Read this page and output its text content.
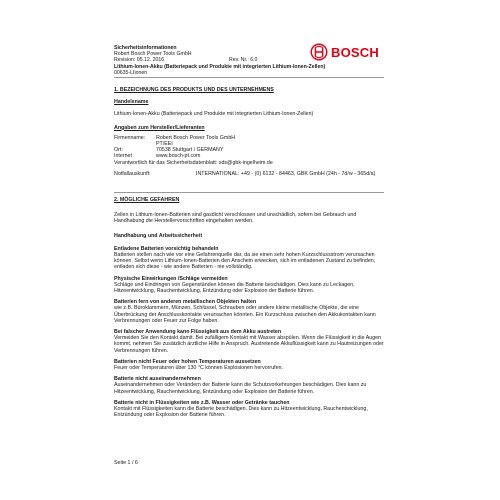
Sicherheitsinformationen
Robert Bosch Power Tools GmbH
Revision: 05.12. 2016	Rev. Nr.: 6.0
Lithium-Ionen-Akku (Batteriepack und Produkte mit integrierten Lithium-Ionen-Zellen)
00635-LIionen
BOSCH
1. BEZEICHNUNG DES PRODUKTS UND DES UNTERNEHMENS
Handelsname
Lithium-Ionen-Akku (Batteriepack und Produkte mit integrierten Lithium-Ionen-Zellen)
Angaben zum Hersteller/Lieferanten
Firmenname:	Robert Bosch Power Tools GmbH
PT/EEI
Ort:	70538 Stuttgart / GERMANY
Internet	www.bosch-pt.com
Verantwortlich für das Sicherheitsdatenblatt: sds@gbk-ingelheim.de
Notfallauskunft:	INTERNATIONAL: +49 - (0) 6132 - 84463, GBK GmbH (24h - 7d/w - 365d/a)
2. MÖGLICHE GEFAHREN
Zellen in Lithium-Ionen-Batterien sind gasdicht verschlossen und unschädlich, sofern bei Gebrauch und Handhabung die Herstellervorschriften eingehalten werden.
Handhabung und Arbeitssicherheit
Entladene Batterien vorsichtig behandeln
Batterien stellen nach wie vor eine Gefahrenquelle dar, da sie einen sehr hohen Kurzschlussstrom verursachen können. Selbst wenn Lithium-Ionen-Batterien den Anschein erwecken, sich im entladenen Zustand zu befinden, entladen sich diese - wie andere Batterien - nie vollständig.
Physische Einwirkungen /Schläge vermeiden
Schläge und Eindringen von Gegenständen können die Batterie beschädigen. Dies kann zu Leckagen, Hitzeentwicklung, Rauchentwicklung, Entzündung oder Explosion der Batterie führen.
Batterien fern von anderen metallischen Objekten halten
wie z.B. Büroklammern, Münzen, Schlüssel, Schrauben oder andere kleine metallische Objekte, die eine Überbrückung der Anschlusskontakte verursachen könnten. Ein Kurzschluss zwischen den Akkukontakten kann Verbrennungen oder Feuer zur Folge haben.
Bei falscher Anwendung kann Flüssigkeit aus dem Akku austreten
Vermeiden Sie den Kontakt damit. Bei zufälligem Kontakt mit Wasser abspülen. Wenn die Flüssigkeit in die Augen kommt, nehmen Sie zusätzlich ärztliche Hilfe in Anspruch. Austretende Akkuflüssigkeit kann zu Hautreizungen oder Verbrennungen führen.
Batterien nicht Feuer oder hohen Temperaturen aussetzen
Feuer oder Temperaturen über 130 °C können Explosionen hervorrufen.
Batterie nicht auseinandernehmen
Auseinandernehmen oder Verändern der Batterie kann die Schutzvorkehrungen beschädigen. Dies kann zu Hitzeentwicklung, Rauchentwicklung, Entzündung oder Explosion der Batterie führen.
Batterie nicht in Flüssigkeiten wie z.B. Wasser oder Getränke tauchen
Kontakt mit Flüssigkeiten kann die Batterie beschädigen. Dies kann zu Hitzeentwicklung, Rauchentwicklung, Entzündung oder Explosion der Batterie führen.
Seite 1 / 6
